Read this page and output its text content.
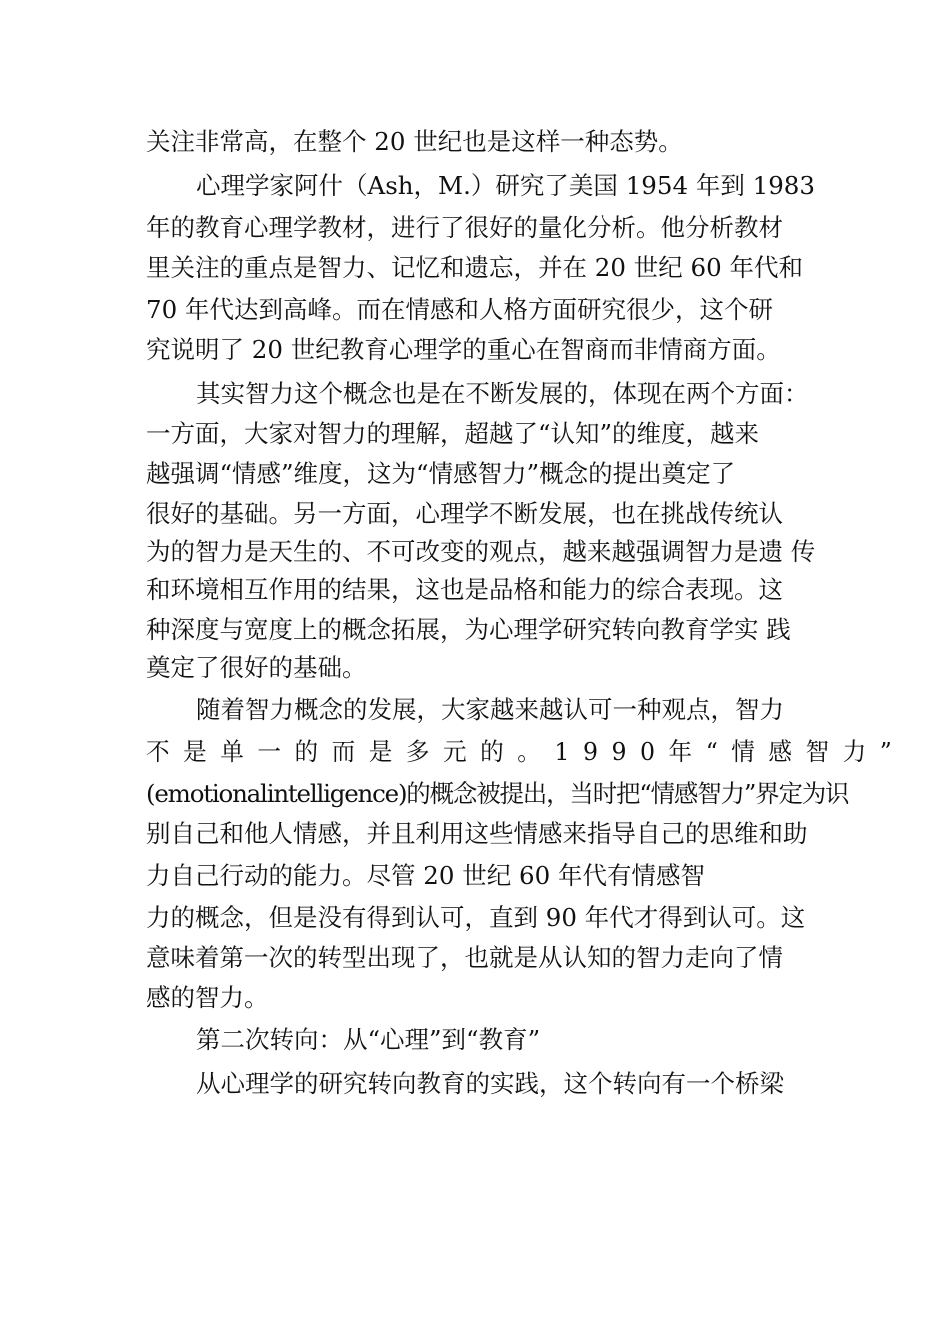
关注非常高，在整个 20 世纪也是这样一种态势。
心理学家阿什（Ash，M.）研究了美国 1954 年到 1983
年的教育心理学教材，进行了很好的量化分析。他分析教材
里关注的重点是智力、记忆和遗忘，并在 20 世纪 60 年代和
70 年代达到高峰。而在情感和人格方面研究很少，这个研
究说明了 20 世纪教育心理学的重心在智商而非情商方面。
其实智力这个概念也是在不断发展的，体现在两个方面：
一方面，大家对智力的理解，超越了“认知”的维度，越来
越强调“情感”维度，这为“情感智力”概念的提出奠定了
很好的基础。另一方面，心理学不断发展，也在挑战传统认
为的智力是天生的、不可改变的观点，越来越强调智力是遗 传
和环境相互作用的结果，这也是品格和能力的综合表现。这
种深度与宽度上的概念拓展，为心理学研究转向教育学实 践
奠定了很好的基础。
随着智力概念的发展，大家越来越认可一种观点，智力
不是单一的而是多元的。1990年“情感智力”
(emotionalintelligence)的概念被提出，当时把“情感智力”界定为识
别自己和他人情感，并且利用这些情感来指导自己的思维和助
力自己行动的能力。尽管 20 世纪 60 年代有情感智
力的概念，但是没有得到认可，直到 90 年代才得到认可。这
意味着第一次的转型出现了，也就是从认知的智力走向了情
感的智力。
第二次转向：从“心理”到“教育”
从心理学的研究转向教育的实践，这个转向有一个桥梁
